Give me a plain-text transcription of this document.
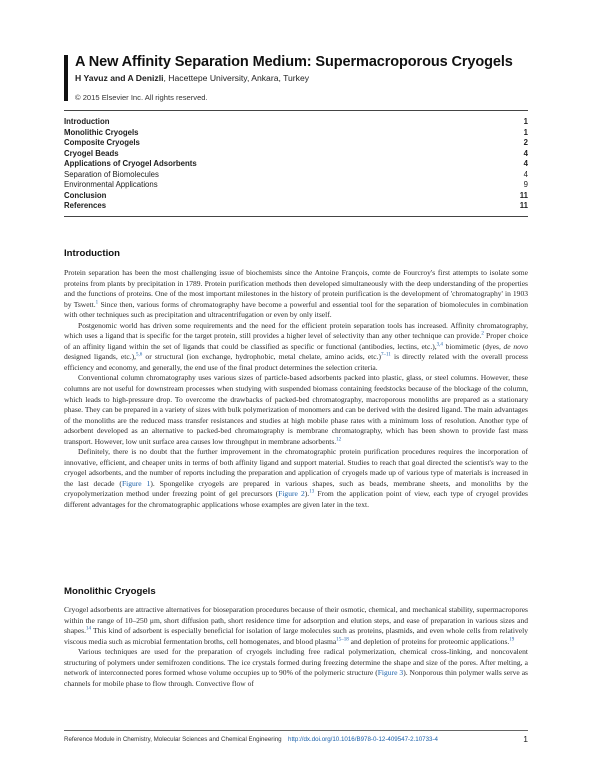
A New Affinity Separation Medium: Supermacroporous Cryogels
H Yavuz and A Denizli, Hacettepe University, Ankara, Turkey
© 2015 Elsevier Inc. All rights reserved.
Introduction	1
Monolithic Cryogels	1
Composite Cryogels	2
Cryogel Beads	4
Applications of Cryogel Adsorbents	4
Separation of Biomolecules	4
Environmental Applications	9
Conclusion	11
References	11
Introduction

Protein separation has been the most challenging issue of biochemists since the Antoine François, comte de Fourcroy's first attempts to isolate some proteins from plants by precipitation in 1789. Protein purification methods then developed simultaneously with the deep understanding of the properties and the functions of proteins. One of the most important milestones in the history of protein purification is the development of 'chromatography' in 1903 by Tswett.$^1$ Since then, various forms of chromatography have become a powerful and essential tool for the separation of biomolecules in combination with other techniques such as precipitation and ultracentrifugation or even by only itself.

Postgenomic world has driven some requirements and the need for the efficient protein separation tools has increased. Affinity chromatography, which uses a ligand that is specific for the target protein, still provides a higher level of selectivity than any other technique can provide.$^2$ Proper choice of an affinity ligand within the set of ligands that could be classified as specific or functional (antibodies, lectins, etc.),$^{3,4}$ biomimetic (dyes, de novo designed ligands, etc.),$^{5,6}$ or structural (ion exchange, hydrophobic, metal chelate, amino acids, etc.)$^{7-11}$ is directly related with the overall process efficiency and economy, and generally, the end use of the final product determines the selection criteria.

Conventional column chromatography uses various sizes of particle-based adsorbents packed into plastic, glass, or steel columns. However, these columns are not useful for downstream processes when studying with suspended biomass containing feedstocks because of the blockage of the column, which leads to high-pressure drop. To overcome the drawbacks of packed-bed chromatography, macroporous monoliths are prepared as a stationary phase. They can be prepared in a variety of sizes with bulk polymerization of monomers and can be derived with the desired ligand. The main advantages of the monoliths are the reduced mass transfer resistances and studies at high mobile phase rates with a minimum loss of resolution. Another type of adsorbent developed as an alternative to packed-bed chromatography is membrane chromatography, which has been shown to provide fast mass transport. However, low unit surface area causes low throughput in membrane adsorbents.$^{12}$

Definitely, there is no doubt that the further improvement in the chromatographic protein purification procedures requires the incorporation of innovative, efficient, and cheaper units in terms of both affinity ligand and support material. Studies to reach that goal directed the scientist's way to the cryogel adsorbents, and the number of reports including the preparation and application of cryogels made up of various type of materials is increased in the last decade (Figure 1). Spongelike cryogels are prepared in various shapes, such as beads, membrane sheets, and monoliths by the cryopolymerization method under freezing point of gel precursors (Figure 2).$^{13}$ From the application point of view, each type of cryogel provides different advantages for the chromatographic applications whose examples are given later in the text.

Monolithic Cryogels

Cryogel adsorbents are attractive alternatives for bioseparation procedures because of their osmotic, chemical, and mechanical stability, supermacropores within the range of 10–250 μm, short diffusion path, short residence time for adsorption and elution steps, and ease of preparation in various sizes and shapes.$^{14}$ This kind of adsorbent is especially beneficial for isolation of large molecules such as proteins, plasmids, and even whole cells from relatively viscous media such as microbial fermentation broths, cell homogenates, and blood plasma$^{15-18}$ and depletion of proteins for proteomic applications.$^{19}$

Various techniques are used for the preparation of cryogels including free radical polymerization, chemical cross-linking, and noncovalent structuring of polymers under semifrozen conditions. The ice crystals formed during freezing determine the shape and size of the pores. After melting, a network of interconnected pores formed whose volume occupies up to 90% of the polymeric structure (Figure 3). Nonporous thin polymer walls serve as channels for mobile phase to flow through. Convective flow of

Reference Module in Chemistry, Molecular Sciences and Chemical Engineering http://dx.doi.org/10.1016/B978-0-12-409547-2.10733-4	1
